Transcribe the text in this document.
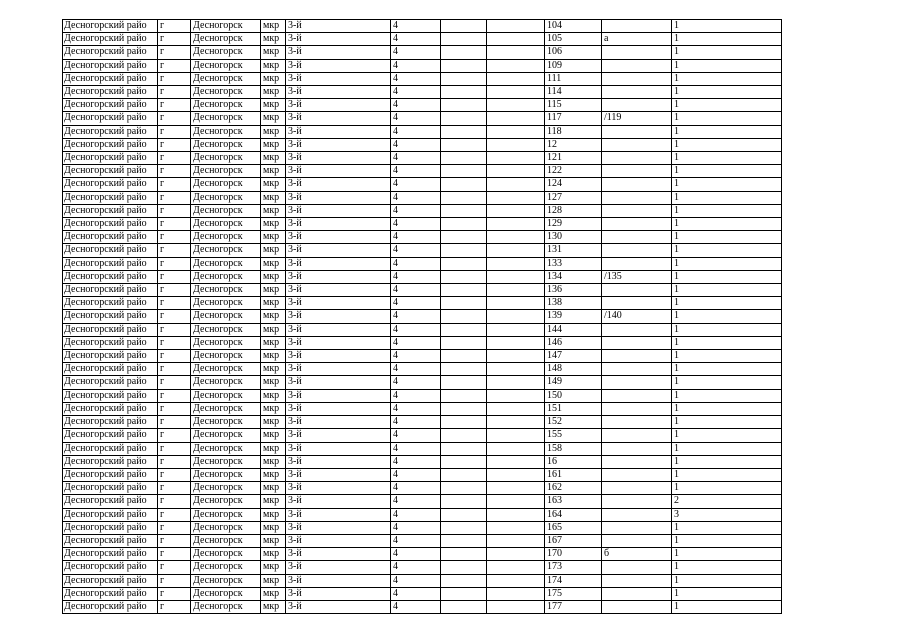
Десногорский райо	г	Десногорск	мкр	3-й	4			104		1
Десногорский райо	г	Десногорск	мкр	3-й	4			105	а	1
Десногорский райо	г	Десногорск	мкр	3-й	4			106		1
Десногорский райо	г	Десногорск	мкр	3-й	4			109		1
Десногорский райо	г	Десногорск	мкр	3-й	4			111		1
Десногорский райо	г	Десногорск	мкр	3-й	4			114		1
Десногорский райо	г	Десногорск	мкр	3-й	4			115		1
Десногорский райо	г	Десногорск	мкр	3-й	4			117	/119	1
Десногорский райо	г	Десногорск	мкр	3-й	4			118		1
Десногорский райо	г	Десногорск	мкр	3-й	4			12		1
Десногорский райо	г	Десногорск	мкр	3-й	4			121		1
Десногорский райо	г	Десногорск	мкр	3-й	4			122		1
Десногорский райо	г	Десногорск	мкр	3-й	4			124		1
Десногорский райо	г	Десногорск	мкр	3-й	4			127		1
Десногорский райо	г	Десногорск	мкр	3-й	4			128		1
Десногорский райо	г	Десногорск	мкр	3-й	4			129		1
Десногорский райо	г	Десногорск	мкр	3-й	4			130		1
Десногорский райо	г	Десногорск	мкр	3-й	4			131		1
Десногорский райо	г	Десногорск	мкр	3-й	4			133		1
Десногорский райо	г	Десногорск	мкр	3-й	4			134	/135	1
Десногорский райо	г	Десногорск	мкр	3-й	4			136		1
Десногорский райо	г	Десногорск	мкр	3-й	4			138		1
Десногорский райо	г	Десногорск	мкр	3-й	4			139	/140	1
Десногорский райо	г	Десногорск	мкр	3-й	4			144		1
Десногорский райо	г	Десногорск	мкр	3-й	4			146		1
Десногорский райо	г	Десногорск	мкр	3-й	4			147		1
Десногорский райо	г	Десногорск	мкр	3-й	4			148		1
Десногорский райо	г	Десногорск	мкр	3-й	4			149		1
Десногорский райо	г	Десногорск	мкр	3-й	4			150		1
Десногорский райо	г	Десногорск	мкр	3-й	4			151		1
Десногорский райо	г	Десногорск	мкр	3-й	4			152		1
Десногорский райо	г	Десногорск	мкр	3-й	4			155		1
Десногорский райо	г	Десногорск	мкр	3-й	4			158		1
Десногорский райо	г	Десногорск	мкр	3-й	4			16		1
Десногорский райо	г	Десногорск	мкр	3-й	4			161		1
Десногорский райо	г	Десногорск	мкр	3-й	4			162		1
Десногорский райо	г	Десногорск	мкр	3-й	4			163		2
Десногорский райо	г	Десногорск	мкр	3-й	4			164		3
Десногорский райо	г	Десногорск	мкр	3-й	4			165		1
Десногорский райо	г	Десногорск	мкр	3-й	4			167		1
Десногорский райо	г	Десногорск	мкр	3-й	4			170	б	1
Десногорский райо	г	Десногорск	мкр	3-й	4			173		1
Десногорский райо	г	Десногорск	мкр	3-й	4			174		1
Десногорский райо	г	Десногорск	мкр	3-й	4			175		1
Десногорский райо	г	Десногорск	мкр	3-й	4			177		1
